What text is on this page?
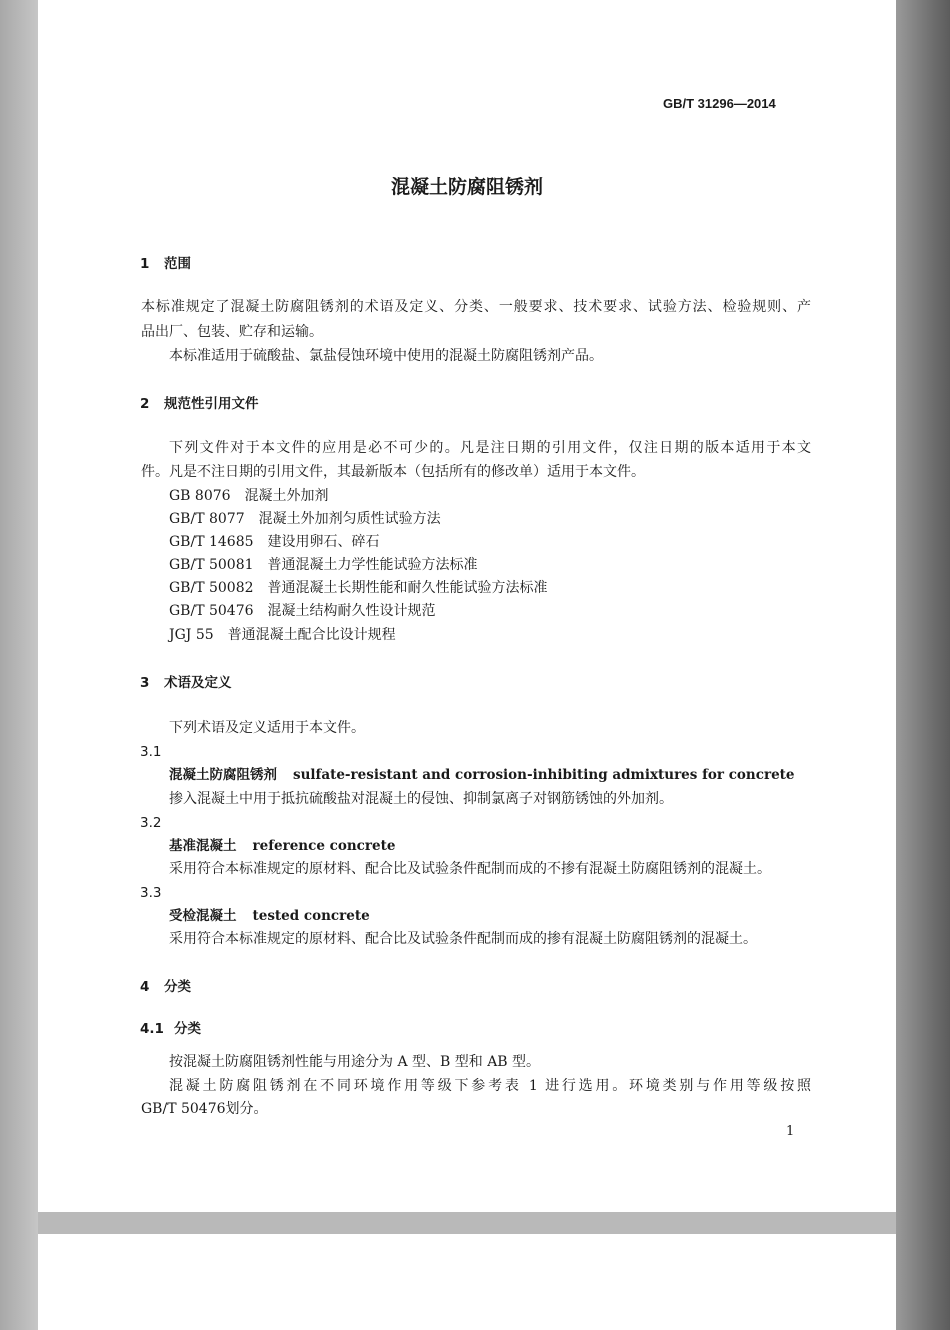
GB/T 31296—2014
混凝土防腐阻锈剂
1 范围
本标准规定了混凝土防腐阻锈剂的术语及定义、分类、一般要求、技术要求、试验方法、检验规则、产
品出厂、包装、贮存和运输。
本标准适用于硫酸盐、氯盐侵蚀环境中使用的混凝土防腐阻锈剂产品。
2 规范性引用文件
下列文件对于本文件的应用是必不可少的。凡是注日期的引用文件，仅注日期的版本适用于本文
件。凡是不注日期的引用文件，其最新版本（包括所有的修改单）适用于本文件。
GB 8076 混凝土外加剂
GB/T 8077 混凝土外加剂匀质性试验方法
GB/T 14685 建设用卵石、碎石
GB/T 50081 普通混凝土力学性能试验方法标准
GB/T 50082 普通混凝土长期性能和耐久性能试验方法标准
GB/T 50476 混凝土结构耐久性设计规范
JGJ 55 普通混凝土配合比设计规程
3 术语及定义
下列术语及定义适用于本文件。
3.1
混凝土防腐阻锈剂 sulfate-resistant and corrosion-inhibiting admixtures for concrete
掺入混凝土中用于抵抗硫酸盐对混凝土的侵蚀、抑制氯离子对钢筋锈蚀的外加剂。
3.2
基准混凝土 reference concrete
采用符合本标准规定的原材料、配合比及试验条件配制而成的不掺有混凝土防腐阻锈剂的混凝土。
3.3
受检混凝土 tested concrete
采用符合本标准规定的原材料、配合比及试验条件配制而成的掺有混凝土防腐阻锈剂的混凝土。
4 分类
4.1 分类
按混凝土防腐阻锈剂性能与用途分为 A 型、B 型和 AB 型。
混凝土防腐阻锈剂在不同环境作用等级下参考表 1 进行选用。环境类别与作用等级按照
GB/T 50476划分。
1
